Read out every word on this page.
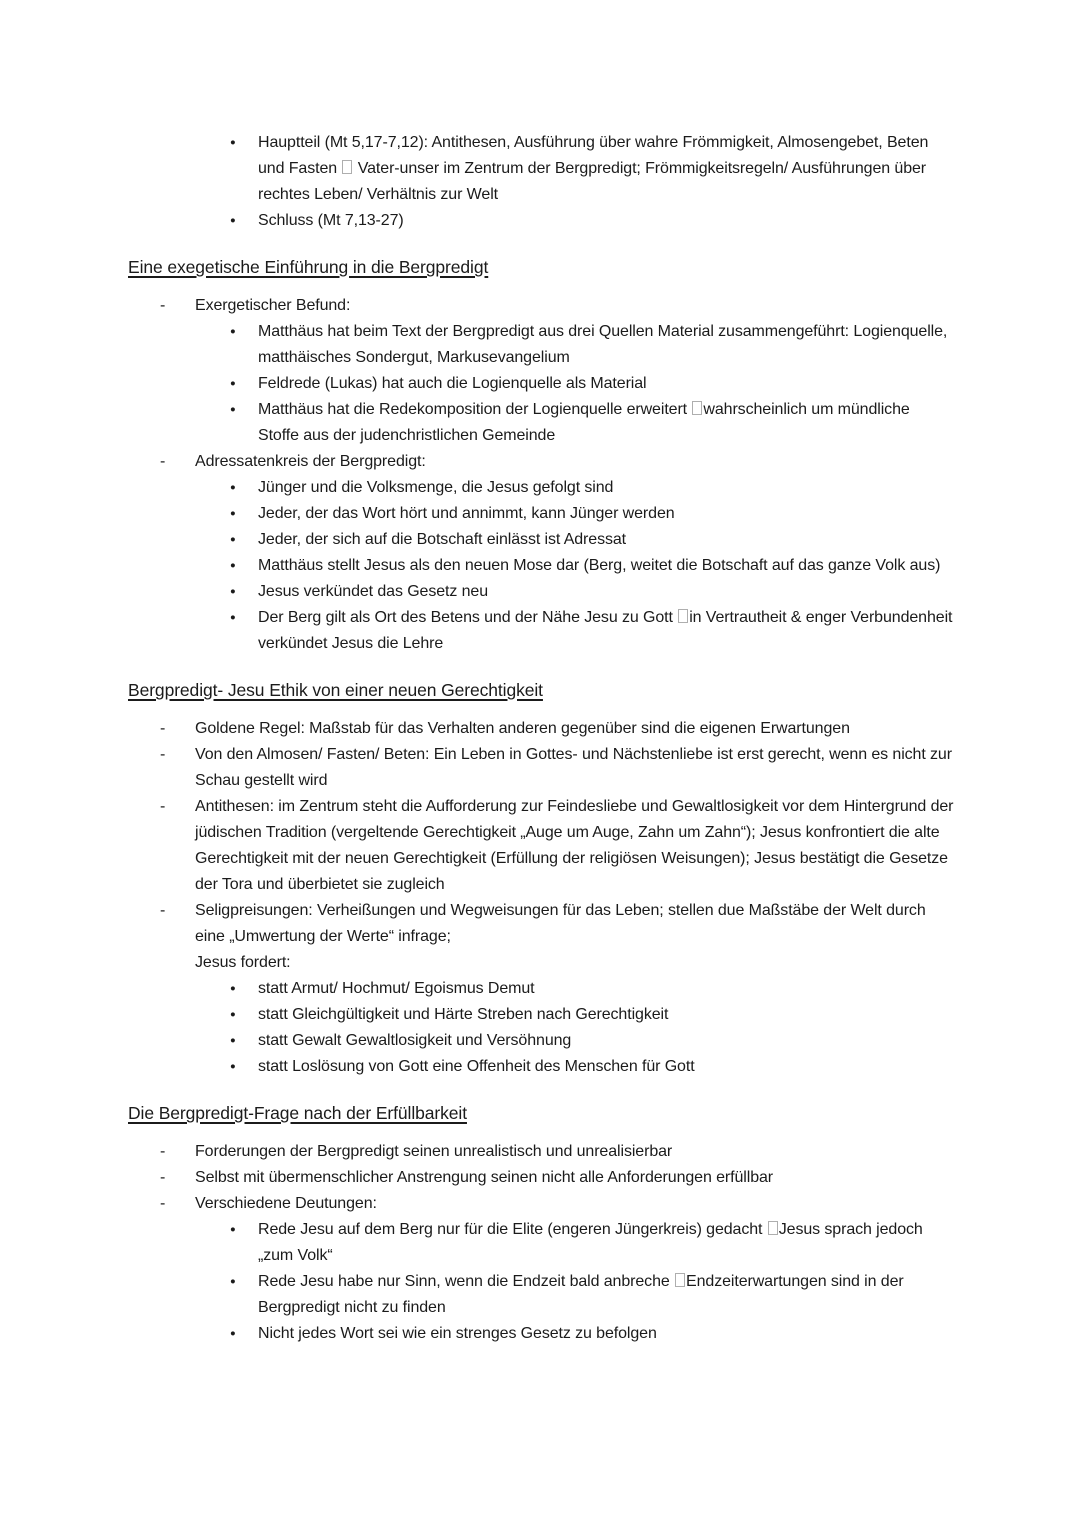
●
Hauptteil (Mt 5,17-7,12): Antithesen, Ausführung über wahre Frömmigkeit, Almosengebet, Beten und Fasten  Vater-unser im Zentrum der Bergpredigt; Frömmigkeitsregeln/ Ausführungen über rechtes Leben/ Verhältnis zur Welt
●
Schluss (Mt 7,13-27)
Eine exegetische Einführung in die Bergpredigt
-
Exergetischer Befund:
●
Matthäus hat beim Text der Bergpredigt aus drei Quellen Material zusammengeführt: Logienquelle, matthäisches Sondergut, Markusevangelium
●
Feldrede (Lukas) hat auch die Logienquelle als Material
●
Matthäus hat die Redekomposition der Logienquelle erweitert wahrscheinlich um mündliche Stoffe aus der judenchristlichen Gemeinde
-
Adressatenkreis der Bergpredigt:
●
Jünger und die Volksmenge, die Jesus gefolgt sind
●
Jeder, der das Wort hört und annimmt, kann Jünger werden
●
Jeder, der sich auf die Botschaft einlässt ist Adressat
●
Matthäus stellt Jesus als den neuen Mose dar (Berg, weitet die Botschaft auf das ganze Volk aus)
●
Jesus verkündet das Gesetz neu
●
Der Berg gilt als Ort des Betens und der Nähe Jesu zu Gott in Vertrautheit & enger Verbundenheit verkündet Jesus die Lehre
Bergpredigt- Jesu Ethik von einer neuen Gerechtigkeit
-
Goldene Regel: Maßstab für das Verhalten anderen gegenüber sind die eigenen Erwartungen
-
Von den Almosen/ Fasten/ Beten: Ein Leben in Gottes- und Nächstenliebe ist erst gerecht, wenn es nicht zur Schau gestellt wird
-
Antithesen: im Zentrum steht die Aufforderung zur Feindesliebe und Gewaltlosigkeit vor dem Hintergrund der jüdischen Tradition (vergeltende Gerechtigkeit „Auge um Auge, Zahn um Zahn“); Jesus konfrontiert die alte Gerechtigkeit mit der neuen Gerechtigkeit (Erfüllung der religiösen Weisungen); Jesus bestätigt die Gesetze der Tora und überbietet sie zugleich
-
Seligpreisungen: Verheißungen und Wegweisungen für das Leben; stellen due Maßstäbe der Welt durch eine „Umwertung der Werte“ infrage;
Jesus fordert:
●
statt Armut/ Hochmut/ Egoismus Demut
●
statt Gleichgültigkeit und Härte Streben nach Gerechtigkeit
●
statt Gewalt Gewaltlosigkeit und Versöhnung
●
statt Loslösung von Gott eine Offenheit des Menschen für Gott
Die Bergpredigt-Frage nach der Erfüllbarkeit
-
Forderungen der Bergpredigt seinen unrealistisch und unrealisierbar
-
Selbst mit übermenschlicher Anstrengung seinen nicht alle Anforderungen erfüllbar
-
Verschiedene Deutungen:
●
Rede Jesu auf dem Berg nur für die Elite (engeren Jüngerkreis) gedacht Jesus sprach jedoch „zum Volk“
●
Rede Jesu habe nur Sinn, wenn die Endzeit bald anbreche Endzeiterwartungen sind in der Bergpredigt nicht zu finden
●
Nicht jedes Wort sei wie ein strenges Gesetz zu befolgen
